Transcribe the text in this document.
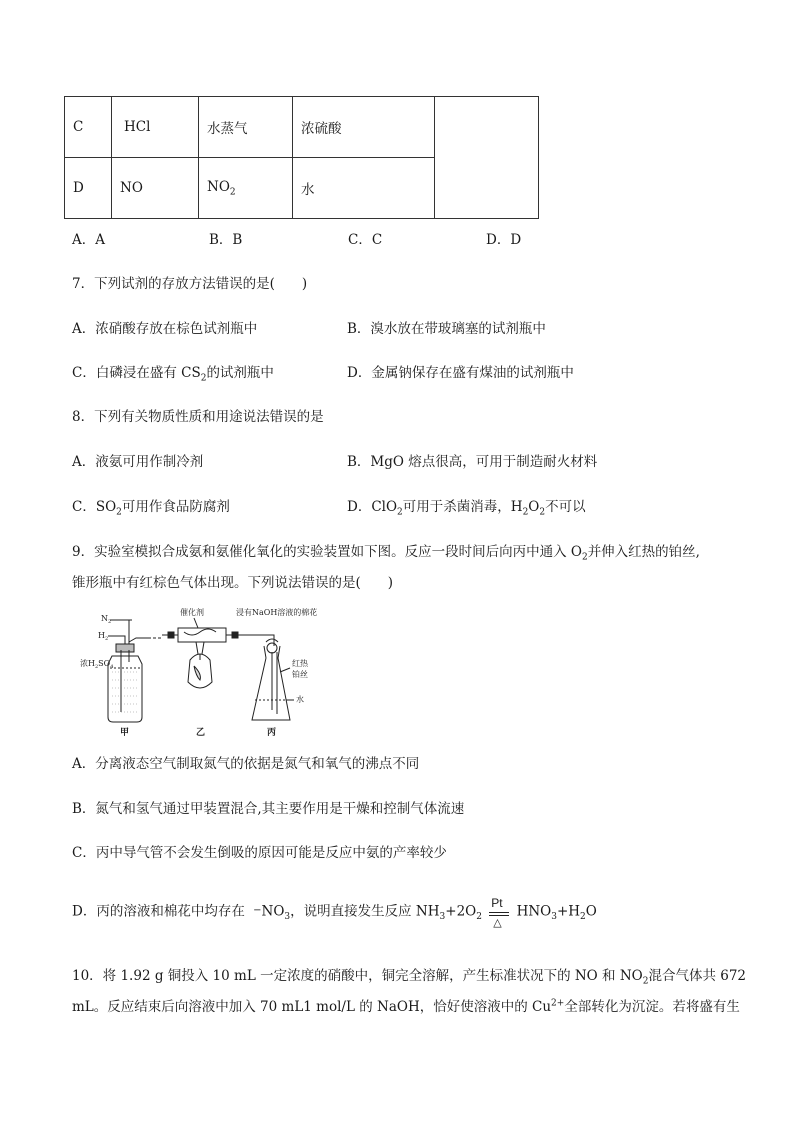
C	HCl	水蒸气	浓硫酸	
D	NO	$NO_2$	水	
A．A	B．B	C．C	D．D
7．下列试剂的存放方法错误的是(　　)
A．浓硝酸存放在棕色试剂瓶中	B．溴水放在带玻璃塞的试剂瓶中
C．白磷浸在盛有 $CS_2$的试剂瓶中	D．金属钠保存在盛有煤油的试剂瓶中
8．下列有关物质性质和用途说法错误的是
A．液氨可用作制冷剂	B．MgO 熔点很高，可用于制造耐火材料
C．$SO_2$可用作食品防腐剂	D．ClO$_2$可用于杀菌消毒，$H_2O_2$不可以
9．实验室模拟合成氨和氨催化氧化的实验装置如下图。反应一段时间后向丙中通入 $O_2$并伸入红热的铂丝,
锥形瓶中有红棕色气体出现。下列说法错误的是(　　)
$N_2$
$H_2$
浓$H_2SO_4$
甲
催化剂
乙
浸有NaOH溶液的棉花
红热
铂丝
水
丙
A．分离液态空气制取氮气的依据是氮气和氧气的沸点不同
B．氮气和氢气通过甲装置混合,其主要作用是干燥和控制气体流速
C．丙中导气管不会发生倒吸的原因可能是反应中氨的产率较少
D．丙的溶液和棉花中均存在 $-NO_3$，说明直接发生反应 $NH_3+2O_2$
Pt
△
$HNO_3+H_2O$
10．将 1.92 g 铜投入 10 mL 一定浓度的硝酸中，铜完全溶解，产生标准状况下的 NO 和 $NO_2$混合气体共 672
mL。反应结束后向溶液中加入 70 mL1 mol/L 的 NaOH，恰好使溶液中的 $Cu^{2+}$全部转化为沉淀。若将盛有生
